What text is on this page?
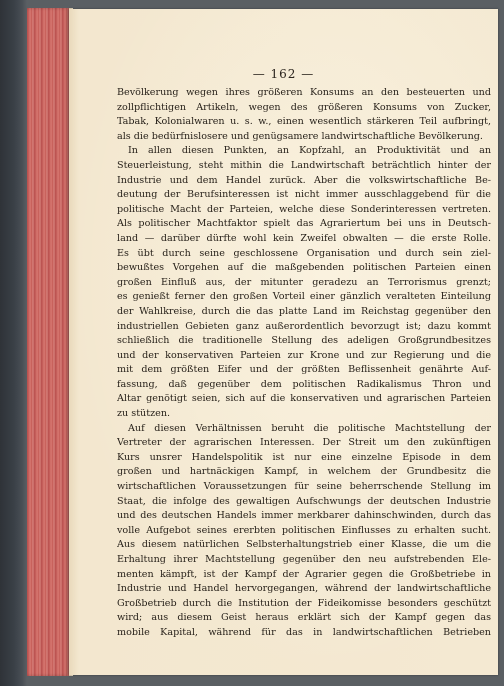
— 162 —
Bevölkerung wegen ihres größeren Konsums an den besteuerten und
zollpflichtigen Artikeln, wegen des größeren Konsums von Zucker,
Tabak, Kolonialwaren u. s. w., einen wesentlich stärkeren Teil aufbringt,
als die bedürfnislosere und genügsamere landwirtschaftliche Bevölkerung.
In allen diesen Punkten, an Kopfzahl, an Produktivität und an
Steuerleistung, steht mithin die Landwirtschaft beträchtlich hinter der
Industrie und dem Handel zurück. Aber die volkswirtschaftliche Be-
deutung der Berufsinteressen ist nicht immer ausschlaggebend für die
politische Macht der Parteien, welche diese Sonderinteressen vertreten.
Als politischer Machtfaktor spielt das Agrariertum bei uns in Deutsch-
land — darüber dürfte wohl kein Zweifel obwalten — die erste Rolle.
Es übt durch seine geschlossene Organisation und durch sein ziel-
bewußtes Vorgehen auf die maßgebenden politischen Parteien einen
großen Einfluß aus, der mitunter geradezu an Terrorismus grenzt;
es genießt ferner den großen Vorteil einer gänzlich veralteten Einteilung
der Wahlkreise, durch die das platte Land im Reichstag gegenüber den
industriellen Gebieten ganz außerordentlich bevorzugt ist; dazu kommt
schließlich die traditionelle Stellung des adeligen Großgrundbesitzes
und der konservativen Parteien zur Krone und zur Regierung und die
mit dem größten Eifer und der größten Beflissenheit genährte Auf-
fassung, daß gegenüber dem politischen Radikalismus Thron und
Altar genötigt seien, sich auf die konservativen und agrarischen Parteien
zu stützen.
Auf diesen Verhältnissen beruht die politische Machtstellung der
Vertreter der agrarischen Interessen. Der Streit um den zukünftigen
Kurs unsrer Handelspolitik ist nur eine einzelne Episode in dem
großen und hartnäckigen Kampf, in welchem der Grundbesitz die
wirtschaftlichen Voraussetzungen für seine beherrschende Stellung im
Staat, die infolge des gewaltigen Aufschwungs der deutschen Industrie
und des deutschen Handels immer merkbarer dahinschwinden, durch das
volle Aufgebot seines ererbten politischen Einflusses zu erhalten sucht.
Aus diesem natürlichen Selbsterhaltungstrieb einer Klasse, die um die
Erhaltung ihrer Machtstellung gegenüber den neu aufstrebenden Ele-
menten kämpft, ist der Kampf der Agrarier gegen die Großbetriebe in
Industrie und Handel hervorgegangen, während der landwirtschaftliche
Großbetrieb durch die Institution der Fideikomisse besonders geschützt
wird; aus diesem Geist heraus erklärt sich der Kampf gegen das
mobile Kapital, während für das in landwirtschaftlichen Betrieben
